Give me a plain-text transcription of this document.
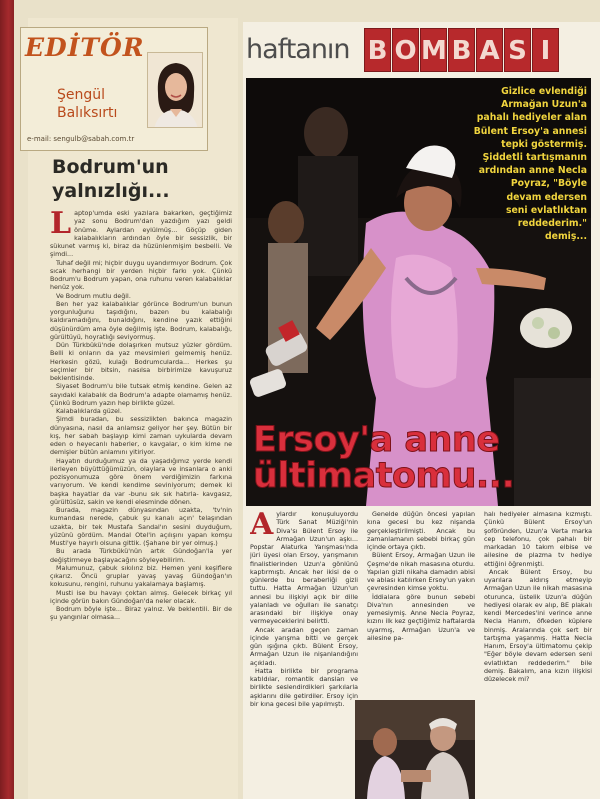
EDİTÖR
Şengül
Balıksırtı
e-mail: sengulb@sabah.com.tr
Bodrum'un
yalnızlığı...
L aptop'umda eski yazılara bakarken, geçtiğimiz yaz sonu Bodrum'dan yazdığım yazı geldi önüme. Aylardan eylülmüş... Göçüp giden kalabalıkların ardından öyle bir sessizlik, bir sükunet varmış ki, biraz da hüzünlenmişim besbelli. Ve şimdi...

Tuhaf değil mi; hiçbir duygu uyandırmıyor Bodrum. Çok sıcak herhangi bir yerden hiçbir farkı yok. Çünkü Bodrum'u Bodrum yapan, ona ruhunu veren kalabalıklar henüz yok.

Ve Bodrum mutlu değil.

Ben her yaz kalabalıklar görünce Bodrum'un bunun yorgunluğunu taşıdığını, bazen bu kalabalığı kaldıramadığını, bunaldığını, kendine yazık ettiğini düşünürdüm ama öyle değilmiş işte. Bodrum, kalabalığı, gürültüyü, hoyratlığı seviyormuş.

Dün Türkbükü'nde dolaşırken mutsuz yüzler gördüm. Belli ki onların da yaz mevsimleri gelmemiş henüz. Herkesin gözü, kulağı Bodrumcularda... Herkes şu seçimler bir bitsin, nasılsa birbirimize kavuşuruz beklentisinde.

Siyaset Bodrum'u bile tutsak etmiş kendine. Gelen az sayıdaki kalabalık da Bodrum'a adapte olamamış henüz. Çünkü Bodrum yazın hep birlikte güzel.

Kalabalıklarda güzel.

Şimdi buradan, bu sessizlikten bakınca magazin dünyasına, nasıl da anlamsız geliyor her şey. Bütün bir kış, her sabah başlayıp kimi zaman uykularda devam eden o heyecanlı haberler, o kavgalar, o kim kime ne demişler bütün anlamını yitiriyor.

Hayatın durduğumuz ya da yaşadığımız yerde kendi ilerleyen büyüttüğümüzün, olaylara ve insanlara o anki pozisyonumuza göre önem verdiğimizin farkına varıyorum. Ve kendi kendime seviniyorum; demek ki başka hayatlar da var -bunu sık sık hatırla- kavgasız, gürültüsüz, sakin ve kendi elesminde dönen.

Burada, magazin dünyasından uzakta, 'tv'nin kumandası nerede, çabuk şu kanalı açın' telaşından uzakta, bir tek Mustafa Sandal'ın sesini duyduğum, yüzünü gördüm. Mandal Otel'in açılışını yapan komşu Musti'ye hayırlı olsuna gittik. (Şahane bir yer olmuş.)

Bu arada Türkbükü'nün artık Gündoğan'la yer değiştirmeye başlayacağını söyleyebilirim.

Malumunuz, çabuk sıkılırız biz. Hemen yeni keşiflere çıkarız. Öncü gruplar yavaş yavaş Gündoğan'ın kokusunu, rengini, ruhunu yakalamaya başlamış.

Musti ise bu havayı çoktan almış. Gelecek birkaç yıl içinde görün bakın Gündoğan'da neler olacak.

Bodrum böyle işte... Biraz yalnız. Ve beklentili. Bir de şu yangınlar olmasa...

haftanın B O M B A S I
Gizlice evlendiği
Armağan Uzun'a
pahalı hediyeler alan
Bülent Ersoy'a annesi
tepki göstermiş.
Şiddetli tartışmanın
ardından anne Necla
Poyraz, "Böyle
devam edersen
seni evlatlıktan
reddederim."
demiş...
Ersoy'a anne
ültimatomu...
A ylardır konuşuluyordu Türk Sanat Müziği'nin Diva'sı Bülent Ersoy ile Armağan Uzun'un aşkı... Popstar Alaturka Yarışması'nda jüri üyesi olan Ersoy, yarışmanın finalistlerinden Uzun'a gönlünü kaptırmıştı. Ancak her ikisi de o günlerde bu beraberliği gizli tuttu. Hatta Armağan Uzun'un annesi bu ilişkiyi açık bir dille yalanladı ve oğulları ile sanatçı arasındaki bir ilişkiye onay vermeyeceklerini belirtti.

Ancak aradan geçen zaman içinde yarışma bitti ve gerçek gün ışığına çıktı. Bülent Ersoy, Armağan Uzun ile nişanlandığını açıkladı.

Hatta birlikte bir programa katıldılar, romantik dansları ve birlikte seslendirdikleri şarkılarla aşklarını dile getirdiler. Ersoy için bir kına gecesi bile yapılmıştı.

Genelde düğün öncesi yapılan kına gecesi bu kez nişanda gerçekleştirilmişti. Ancak bu zamanlamanın sebebi birkaç gün içinde ortaya çıktı.

Bülent Ersoy, Armağan Uzun ile Çeşme'de nikah masasına oturdu. Yapılan gizli nikaha damadın abisi ve ablası katılırken Ersoy'un yakın çevresinden kimse yoktu.

İddialara göre bunun sebebi Diva'nın annesinden ve yemesiymiş. Anne Necla Poyraz, kızını ilk kez geçtiğimiz haftalarda uyarmış, Armağan Uzun'a ve ailesine pa-

halı hediyeler almasına kızmıştı. Çünkü Bülent Ersoy'un şoföründen, Uzun'a Verta marka cep telefonu, çok pahalı bir markadan 10 takım elbise ve ailesine de plazma tv hediye ettiğini öğrenmişti.

Ancak Bülent Ersoy, bu uyarılara aldırış etmeyip Armağan Uzun ile nikah masasına oturunca, üstelik Uzun'a düğün hediyesi olarak ev alıp, BE plakalı kendi Mercedes'ini verince anne Necla Hanım, öfkeden küplere binmiş. Aralarında çok sert bir tartışma yaşanmış. Hatta Necla Hanım, Ersoy'a ültimatomu çekip "Eğer böyle devam edersen seni evlatlıktan reddederim." bile demiş. Bakalım, ana kızın ilişkisi düzelecek mi?
